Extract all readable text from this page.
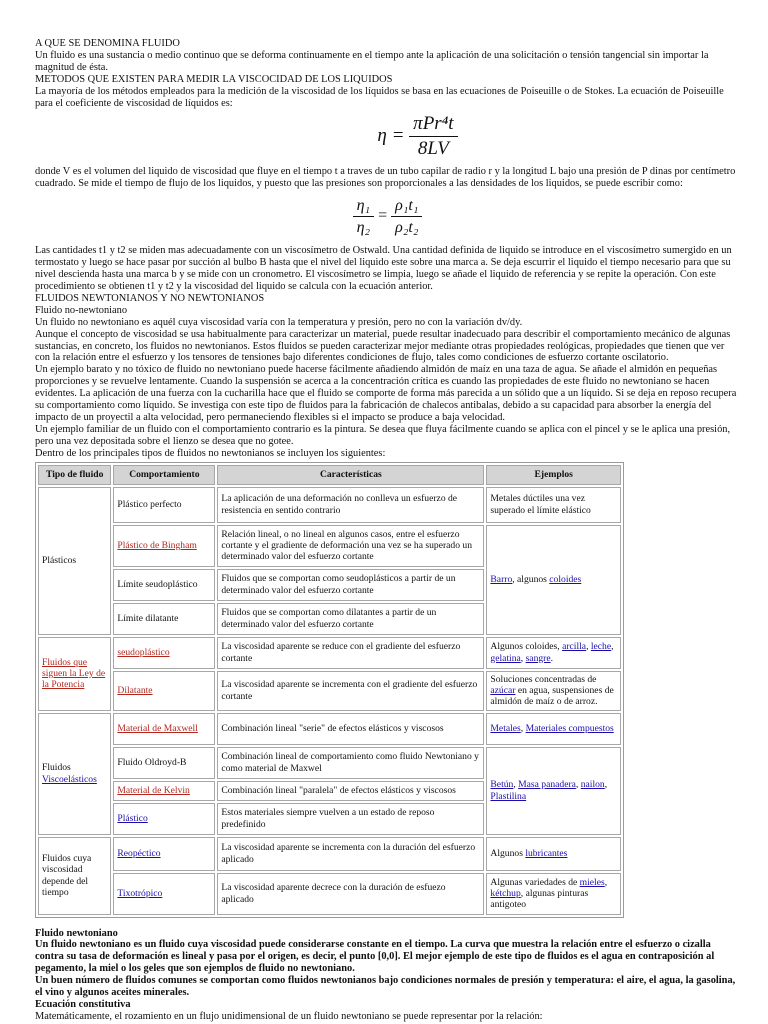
A QUE SE DENOMINA FLUIDO

Un fluido es una sustancia o medio continuo que se deforma continuamente en el tiempo ante la aplicación de una solicitación o tensión tangencial sin importar la magnitud de ésta.

METODOS QUE EXISTEN PARA MEDIR LA VISCOCIDAD DE LOS LIQUIDOS

La mayoría de los métodos empleados para la medición de la viscosidad de los líquidos se basa en las ecuaciones de Poiseuille o de Stokes. La ecuación de Poiseuille para el coeficiente de viscosidad de líquidos es:

$\eta = \frac{\text{πPr⁴t}}{8LV}$

donde V es el volumen del liquido de viscosidad que fluye en el tiempo t a traves de un tubo capilar de radio r y la longitud L bajo una presión de P dinas por centímetro cuadrado. Se mide el tiempo de flujo de los liquidos, y puesto que las presiones son proporcionales a las densidades de los liquidos, se puede escribir como:

$\frac{\text{η₁}}{\text{η₂}} = \frac{\text{ρ₁t₁}}{\text{ρ₂t₂}}$

Las cantidades t1 y t2 se miden mas adecuadamente con un viscosímetro de Ostwald. Una cantidad definida de liquido se introduce en el viscosímetro sumergido en un termostato y luego se hace pasar por succión al bulbo B hasta que el nivel del liquido este sobre una marca a. Se deja escurrir el liquido el tiempo necesario para que su nivel descienda hasta una marca b y se mide con un cronometro. El viscosímetro se limpia, luego se añade el liquido de referencia y se repite la operación. Con este procedimiento se obtienen t1 y t2 y la viscosidad del liquido se calcula con la ecuación anterior.

FLUIDOS NEWTONIANOS Y NO NEWTONIANOS

Fluido no-newtoniano

Un fluido no newtoniano es aquél cuya viscosidad varía con la temperatura y presión, pero no con la variación dv/dy.

Aunque el concepto de viscosidad se usa habitualmente para caracterizar un material, puede resultar inadecuado para describir el comportamiento mecánico de algunas sustancias, en concreto, los fluidos no newtonianos. Estos fluidos se pueden caracterizar mejor mediante otras propiedades reológicas, propiedades que tienen que ver con la relación entre el esfuerzo y los tensores de tensiones bajo diferentes condiciones de flujo, tales como condiciones de esfuerzo cortante oscilatorio.

Un ejemplo barato y no tóxico de fluido no newtoniano puede hacerse fácilmente añadiendo almidón de maíz en una taza de agua. Se añade el almidón en pequeñas proporciones y se revuelve lentamente. Cuando la suspensión se acerca a la concentración crítica es cuando las propiedades de este fluido no newtoniano se hacen evidentes. La aplicación de una fuerza con la cucharilla hace que el fluido se comporte de forma más parecida a un sólido que a un líquido. Si se deja en reposo recupera su comportamiento como líquido. Se investiga con este tipo de fluidos para la fabricación de chalecos antibalas, debido a su capacidad para absorber la energía del impacto de un proyectil a alta velocidad, pero permaneciendo flexibles si el impacto se produce a baja velocidad.

Un ejemplo familiar de un fluido con el comportamiento contrario es la pintura. Se desea que fluya fácilmente cuando se aplica con el pincel y se le aplica una presión, pero una vez depositada sobre el lienzo se desea que no gotee.

Dentro de los principales tipos de fluidos no newtonianos se incluyen los siguientes:

Tipo de fluido	Comportamiento	Características	Ejemplos
Plásticos	Plástico perfecto	La aplicación de una deformación no conlleva un esfuerzo de resistencia en sentido contrario	Metales dúctiles una vez superado el límite elástico
	Plástico de Bingham	Relación lineal, o no lineal en algunos casos, entre el esfuerzo cortante y el gradiente de deformación una vez se ha superado un determinado valor del esfuerzo cortante	Barro, algunos coloides
	Límite seudoplástico	Fluidos que se comportan como seudoplásticos a partir de un determinado valor del esfuerzo cortante	
	Límite dilatante	Fluidos que se comportan como dilatantes a partir de un determinado valor del esfuerzo cortante	
Fluidos que siguen la Ley de la Potencia	seudoplástico	La viscosidad aparente se reduce con el gradiente del esfuerzo cortante	Algunos coloides, arcilla, leche, gelatina, sangre.
	Dilatante	La viscosidad aparente se incrementa con el gradiente del esfuerzo cortante	Soluciones concentradas de azúcar en agua, suspensiones de almidón de maíz o de arroz.
Fluidos
Viscoelásticos	Material de Maxwell	Combinación lineal "serie" de efectos elásticos y viscosos	Metales, Materiales compuestos
	Fluido Oldroyd-B	Combinación lineal de comportamiento como fluido Newtoniano y como material de Maxwel	Betún, Masa panadera, nailon, Plastilina
	Material de Kelvin	Combinación lineal "paralela" de efectos elásticos y viscosos	
	Plástico	Estos materiales siempre vuelven a un estado de reposo predefinido	
Fluidos cuya viscosidad depende del tiempo	Reopéctico	La viscosidad aparente se incrementa con la duración del esfuerzo aplicado	Algunos lubricantes
	Tixotrópico	La viscosidad aparente decrece con la duración de esfuezo aplicado	Algunas variedades de mieles, kétchup, algunas pinturas antigoteo

Fluido newtoniano

Un fluido newtoniano es un fluido cuya viscosidad puede considerarse constante en el tiempo. La curva que muestra la relación entre el esfuerzo o cizalla contra su tasa de deformación es lineal y pasa por el origen, es decir, el punto [0,0]. El mejor ejemplo de este tipo de fluidos es el agua en contraposición al pegamento, la miel o los geles que son ejemplos de fluido no newtoniano.

Un buen número de fluidos comunes se comportan como fluidos newtonianos bajo condiciones normales de presión y temperatura: el aire, el agua, la gasolina, el vino y algunos aceites minerales.

Ecuación constitutiva

Matemáticamente, el rozamiento en un flujo unidimensional de un fluido newtoniano se puede representar por la relación:
